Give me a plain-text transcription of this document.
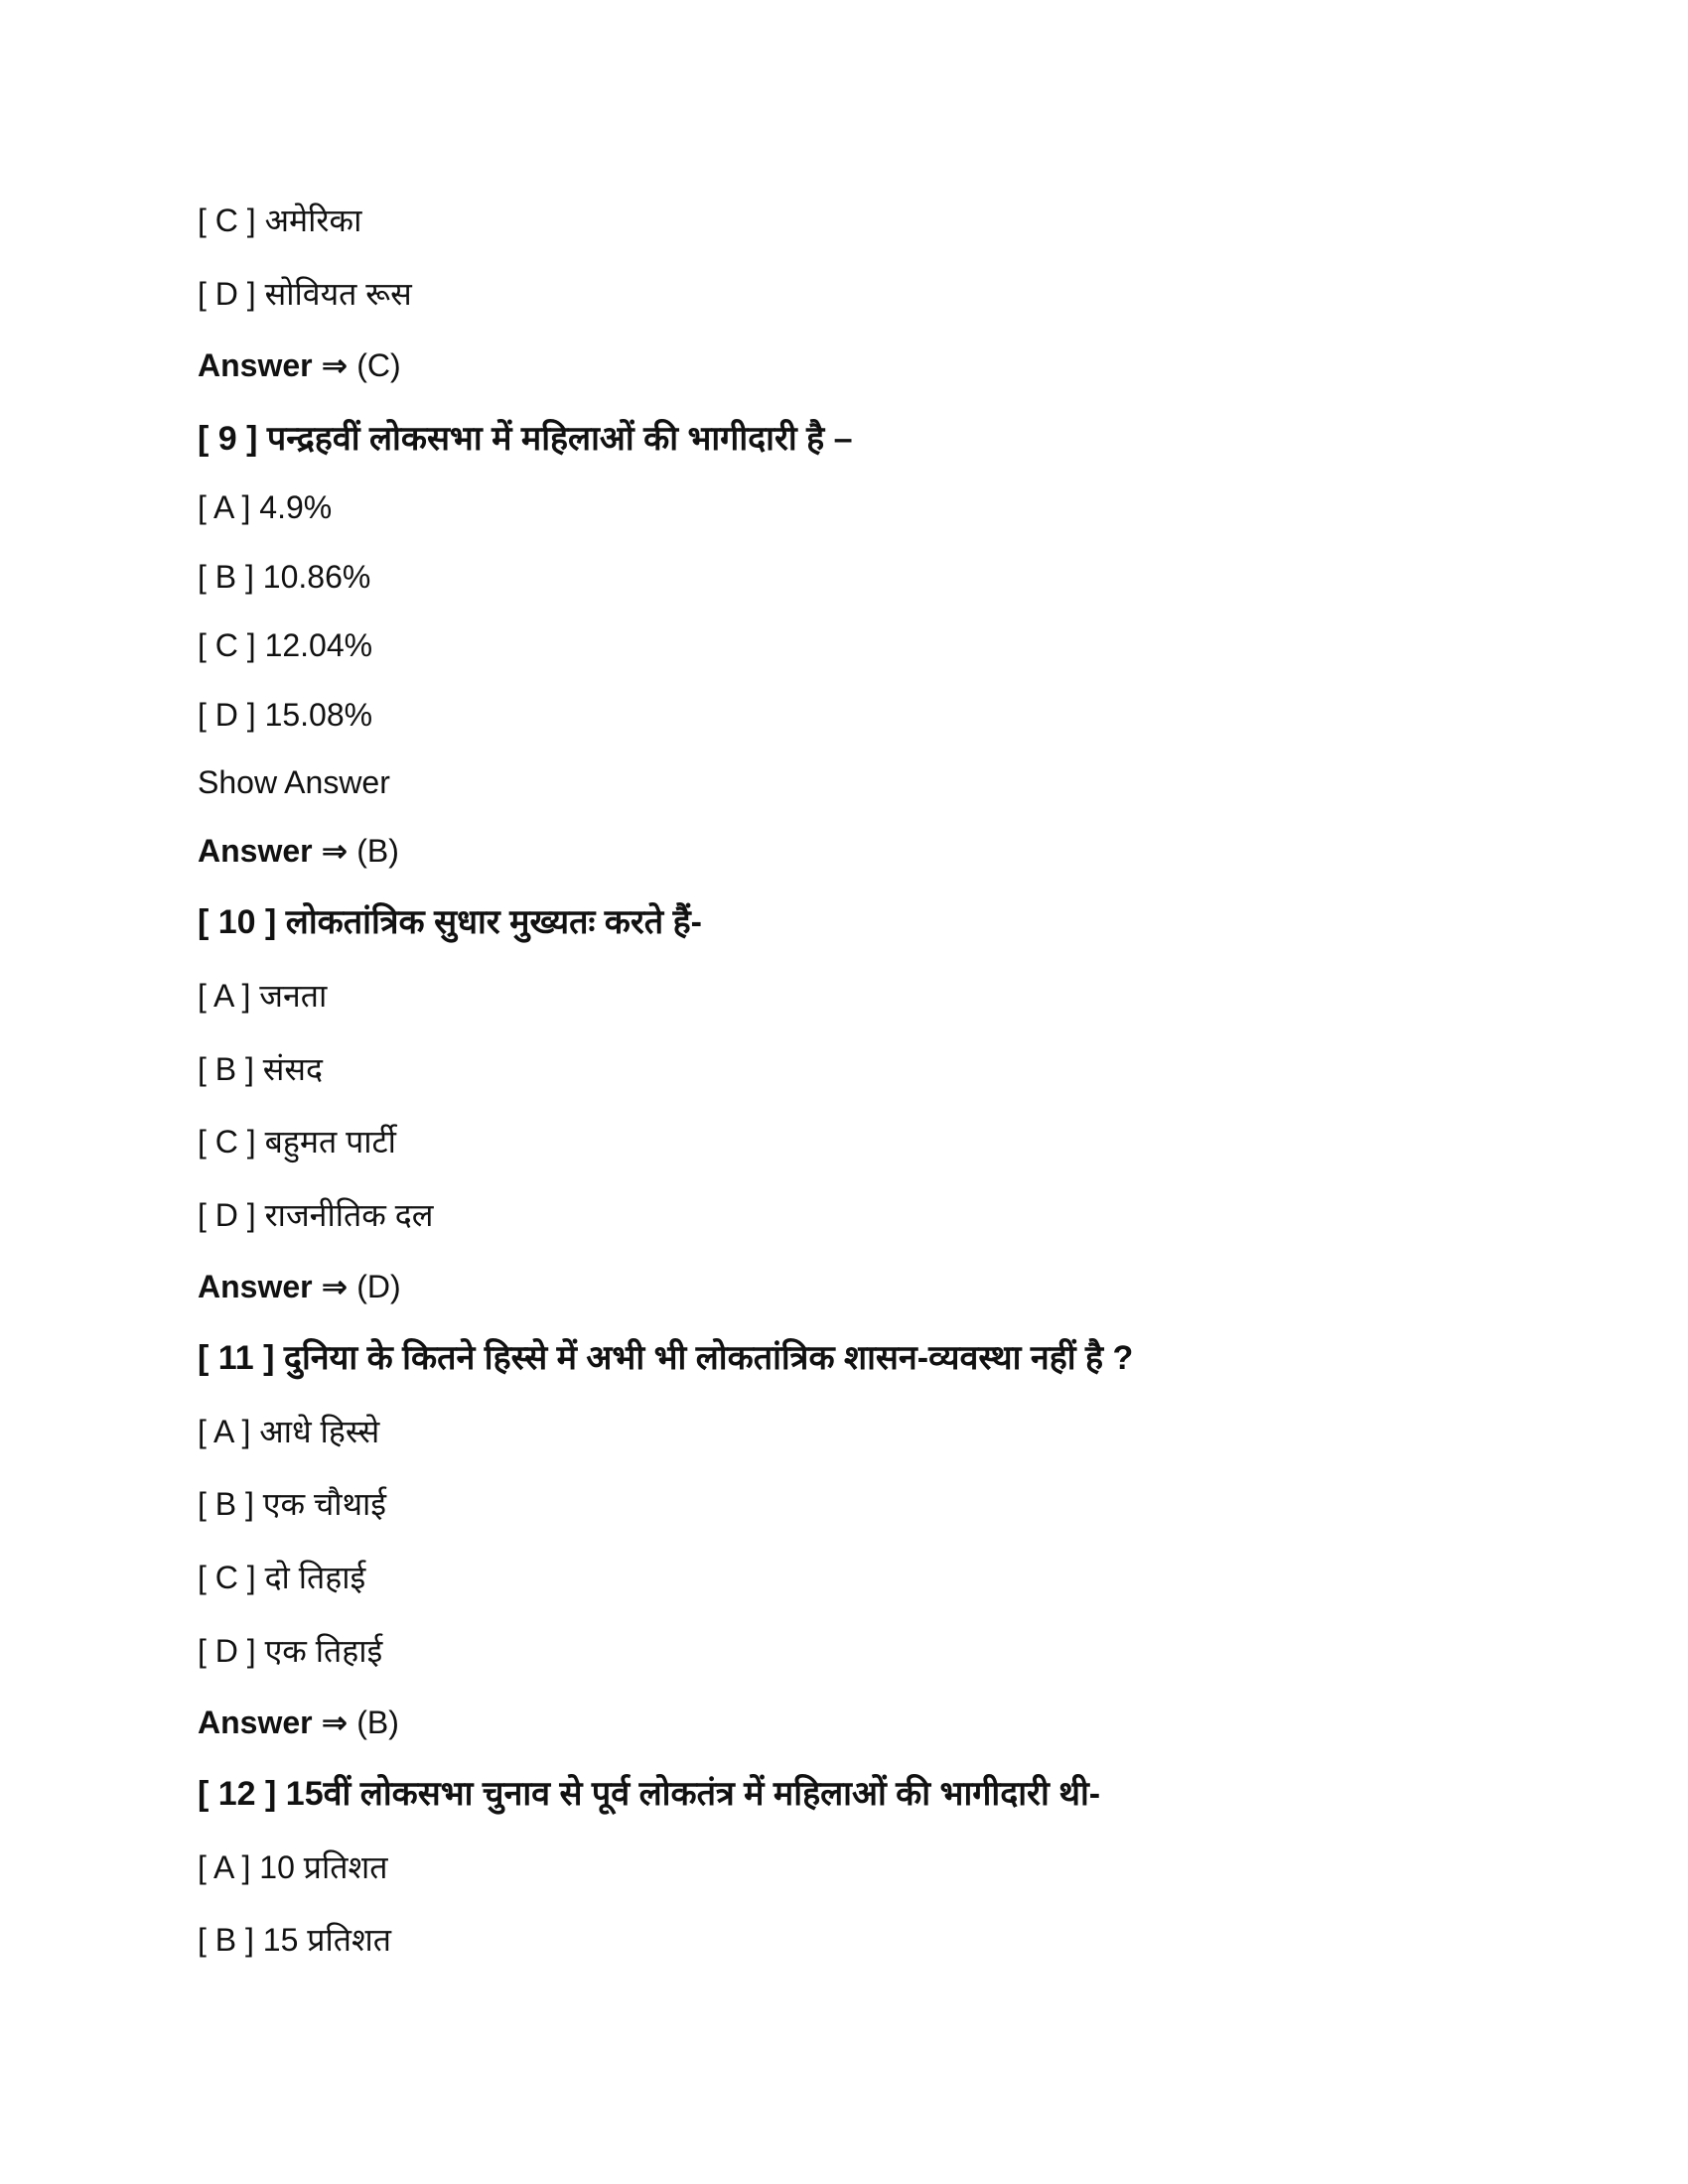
[ C ] अमेरिका
[ D ] सोवियत रूस
Answer ⇒ (C)
[ 9 ] पन्द्रहवीं लोकसभा में महिलाओं की भागीदारी है –
[ A ] 4.9%
[ B ] 10.86%
[ C ] 12.04%
[ D ] 15.08%
Show Answer
Answer ⇒ (B)
[ 10 ] लोकतांत्रिक सुधार मुख्यतः करते हैं-
[ A ] जनता
[ B ] संसद
[ C ] बहुमत पार्टी
[ D ] राजनीतिक दल
Answer ⇒ (D)
[ 11 ] दुनिया के कितने हिस्से में अभी भी लोकतांत्रिक शासन-व्यवस्था नहीं है ?
[ A ] आधे हिस्से
[ B ] एक चौथाई
[ C ] दो तिहाई
[ D ] एक तिहाई
Answer ⇒ (B)
[ 12 ] 15वीं लोकसभा चुनाव से पूर्व लोकतंत्र में महिलाओं की भागीदारी थी-
[ A ] 10 प्रतिशत
[ B ] 15 प्रतिशत
